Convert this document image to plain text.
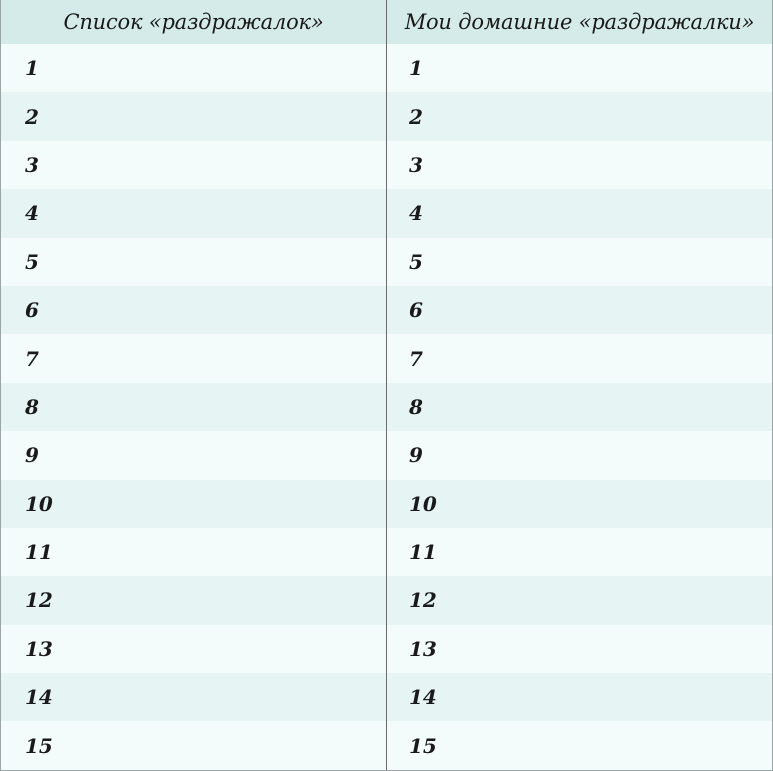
Список «раздражалок»	Мои домашние «раздражалки»
1	1
2	2
3	3
4	4
5	5
6	6
7	7
8	8
9	9
10	10
11	11
12	12
13	13
14	14
15	15
